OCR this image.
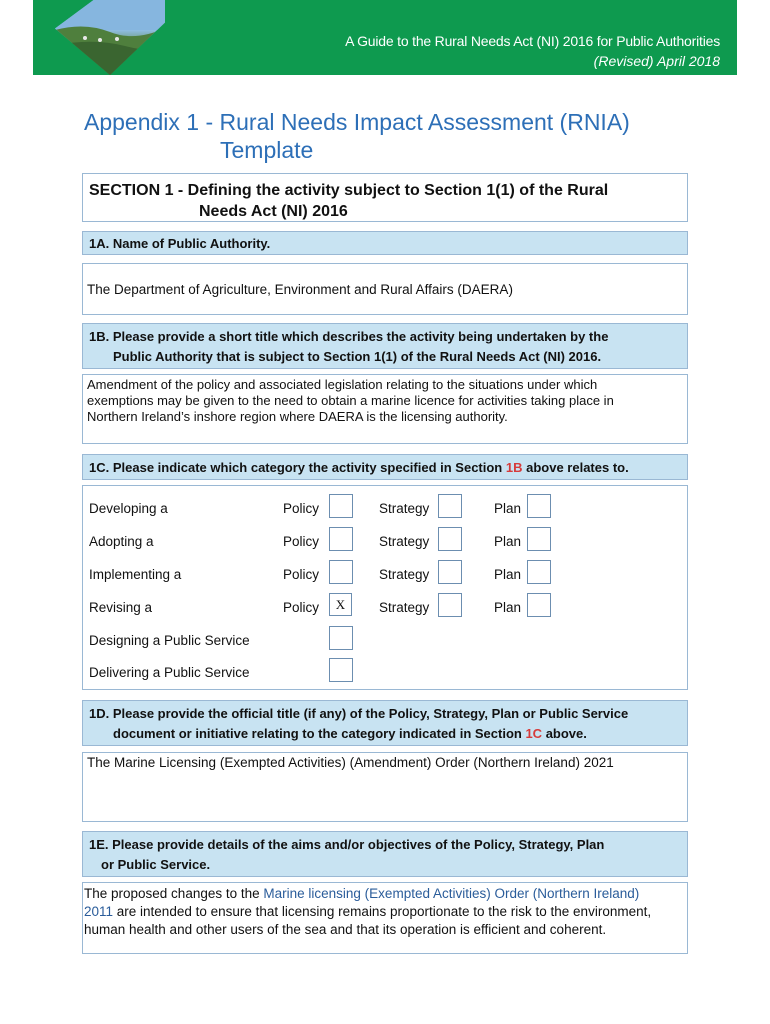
A Guide to the Rural Needs Act (NI) 2016 for Public Authorities
(Revised) April 2018
Appendix 1 - Rural Needs Impact Assessment (RNIA)
Template
SECTION 1 - Defining the activity subject to Section 1(1) of the Rural
Needs Act (NI) 2016
1A. Name of Public Authority.
The Department of Agriculture, Environment and Rural Affairs (DAERA)
1B. Please provide a short title which describes the activity being undertaken by the
Public Authority that is subject to Section 1(1) of the Rural Needs Act (NI) 2016.
Amendment of the policy and associated legislation relating to the situations under which
exemptions may be given to the need to obtain a marine licence for activities taking place in
Northern Ireland’s inshore region where DAERA is the licensing authority.
1C. Please indicate which category the activity specified in Section 1B above relates to.
Developing a	Policy	Strategy	Plan
Adopting a	Policy	Strategy	Plan
Implementing a	Policy	Strategy	Plan
Revising a	Policy	X	Strategy	Plan
Designing a Public Service
Delivering a Public Service
1D. Please provide the official title (if any) of the Policy, Strategy, Plan or Public Service
document or initiative relating to the category indicated in Section 1C above.
The Marine Licensing (Exempted Activities) (Amendment) Order (Northern Ireland) 2021
1E. Please provide details of the aims and/or objectives of the Policy, Strategy, Plan
or Public Service.
The proposed changes to the Marine licensing (Exempted Activities) Order (Northern Ireland)
2011 are intended to ensure that licensing remains proportionate to the risk to the environment,
human health and other users of the sea and that its operation is efficient and coherent.
